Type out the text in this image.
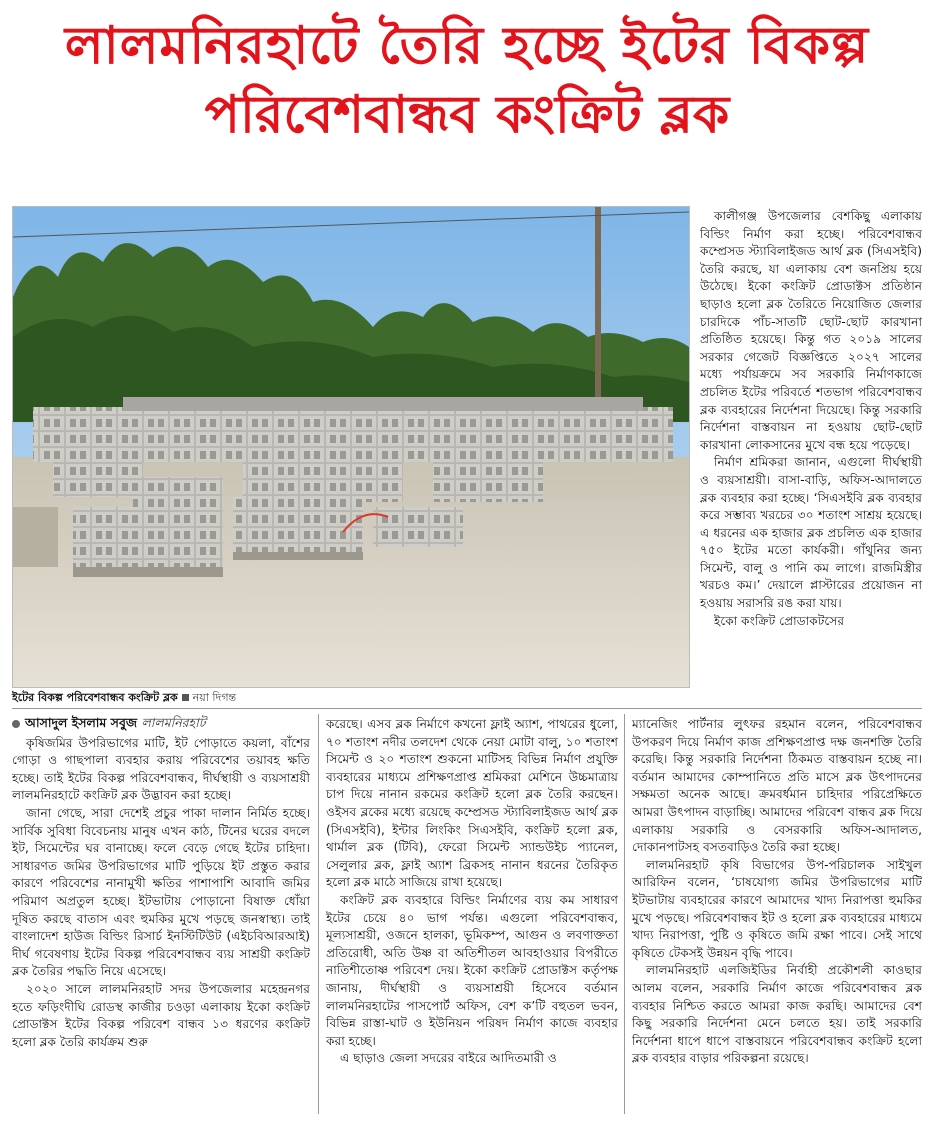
লালমনিরহাটে তৈরি হচ্ছে ইটের বিকল্প
পরিবেশবান্ধব কংক্রিট ব্লক
ইটের বিকল্প পরিবেশবান্ধব কংক্রিট ব্লক নয়া দিগন্ত
আসাদুল ইসলাম সবুজ লালমনিরহাট

কৃষিজমির উপরিভাগের মাটি, ইট পোড়াতে কয়লা, বাঁশের গোড়া ও গাছপালা ব্যবহার করায় পরিবেশের তয়াবহ ক্ষতি হচ্ছে। তাই ইটের বিকল্প পরিবেশবান্ধব, দীর্ঘস্থায়ী ও ব্যয়সাশ্রয়ী লালমনিরহাটে কংক্রিট ব্লক উদ্ভাবন করা হচ্ছে।

জানা গেছে, সারা দেশেই প্রচুর পাকা দালান নির্মিত হচ্ছে। সার্বিক সুবিধা বিবেচনায় মানুষ এখন কাঠ, টিনের ঘরের বদলে ইট, সিমেন্টের ঘর বানাচ্ছে। ফলে বেড়ে গেছে ইটের চাহিদা। সাধারণত জমির উপরিভাগের মাটি পুড়িয়ে ইট প্রস্তুত করার কারণে পরিবেশের নানামুখী ক্ষতির পাশাপাশি আবাদি জমির পরিমাণ অপ্রতুল হচ্ছে। ইটভাটায় পোড়ানো বিষাক্ত ধোঁয়া দূষিত করছে বাতাস এবং হুমকির মুখে পড়ছে জনস্বাস্থ্য। তাই বাংলাদেশ হাউজ বিল্ডিং রিসার্চ ইনস্টিটিউট (এইচবিআরআই) দীর্ঘ গবেষণায় ইটের বিকল্প পরিবেশবান্ধব ব্যয় সাশ্রয়ী কংক্রিট ব্লক তৈরির পদ্ধতি নিয়ে এসেছে।

২০২০ সালে লালমনিরহাট সদর উপজেলার মহেন্দ্রনগর হতে ফড়িংদীঘি রোডস্থ কাজীর চওড়া এলাকায় ইকো কংক্রিট প্রোডাক্টস ইটের বিকল্প পরিবেশ বান্ধব ১৩ ধরণের কংক্রিট হলো ব্লক তৈরি কার্যক্রম শুরু

করেছে। এসব ব্লক নির্মাণে কখনো ফ্লাই অ্যাশ, পাথরের ধুলো, ৭০ শতাংশ নদীর তলদেশ থেকে নেয়া মোটা বালু, ১০ শতাংশ সিমেন্ট ও ২০ শতাংশ শুকনো মাটিসহ বিভিন্ন নির্মাণ প্রযুক্তি ব্যবহারের মাধ্যমে প্রশিক্ষণপ্রাপ্ত শ্রমিকরা মেশিনে উচ্চমাত্রায় চাপ দিয়ে নানান রকমের কংক্রিট হলো ব্লক তৈরি করছেন। ওইসব ব্লকের মধ্যে রয়েছে কম্প্রেসড স্ট্যাবিলাইজড আর্থ ব্লক (সিএসইবি), ইন্টার লিংকিং সিএসইবি, কংক্রিট হলো ব্লক, থার্মাল ব্লক (টিবি), ফেরো সিমেন্ট স্যান্ডউইচ প্যানেল, সেলুলার ব্লক, ফ্লাই অ্যাশ ব্রিকসহ নানান ধরনের তৈরিকৃত হলো ব্লক মাঠে সাজিয়ে রাখা হয়েছে।

কংক্রিট ব্লক ব্যবহারে বিল্ডিং নির্মাণের ব্যয় কম সাধারণ ইটের চেয়ে ৪০ ভাগ পর্যন্ত। এগুলো পরিবেশবান্ধব, মূল্যসাশ্রয়ী, ওজনে হালকা, ভূমিকম্প, আগুন ও লবণাক্ততা প্রতিরোধী, অতি উষ্ণ বা অতিশীতল আবহাওয়ার বিপরীতে নাতিশীতোষ্ণ পরিবেশ দেয়। ইকো কংক্রিট প্রোডাক্টস কর্তৃপক্ষ জানায়, দীর্ঘস্থায়ী ও ব্যয়সাশ্রয়ী হিসেবে বর্তমান লালমনিরহাটের পাসপোর্ট অফিস, বেশ ক’টি বহুতল ভবন, বিভিন্ন রাস্তা-ঘাট ও ইউনিয়ন পরিষদ নির্মাণ কাজে ব্যবহার করা হচ্ছে।

এ ছাড়াও জেলা সদরের বাইরে আদিতমারী ও

কালীগঞ্জ উপজেলার বেশকিছু এলাকায় বিল্ডিং নির্মাণ করা হচ্ছে। পরিবেশবান্ধব কম্প্রেসড স্ট্যাবিলাইজড আর্থ ব্লক (সিএসইবি) তৈরি করছে, যা এলাকায় বেশ জনপ্রিয় হয়ে উঠেছে। ইকো কংক্রিট প্রোডাক্টস প্রতিষ্ঠান ছাড়াও হলো ব্লক তৈরিতে নিয়োজিত জেলার চারদিকে পাঁচ-সাতটি ছোট-ছোট কারখানা প্রতিষ্ঠিত হয়েছে। কিন্তু গত ২০১৯ সালের সরকার গেজেট বিজ্ঞপ্তিতে ২০২৭ সালের মধ্যে পর্যায়ক্রমে সব সরকারি নির্মাণকাজে প্রচলিত ইটের পরিবর্তে শতভাগ পরিবেশবান্ধব ব্লক ব্যবহারের নির্দেশনা দিয়েছে। কিন্তু সরকারি নির্দেশনা বাস্তবায়ন না হওয়ায় ছোট-ছোট কারখানা লোকসানের মুখে বন্ধ হয়ে পড়েছে।

নির্মাণ শ্রমিকরা জানান, এগুলো দীর্ঘস্থায়ী ও ব্যয়সাশ্রয়ী। বাসা-বাড়ি, অফিস-আদালতে ব্লক ব্যবহার করা হচ্ছে। ‘সিএসইবি ব্লক ব্যবহার করে সম্ভাব্য খরচের ৩০ শতাংশ সাশ্রয় হয়েছে। এ ধরনের এক হাজার ব্লক প্রচলিত এক হাজার ৭৫০ ইটের মতো কার্যকরী। গাঁথুনির জন্য সিমেন্ট, বালু ও পানি কম লাগে। রাজমিস্ত্রীর খরচও কম।’ দেয়ালে প্লাস্টারের প্রয়োজন না হওয়ায় সরাসরি রঙ করা যায়।

ইকো কংক্রিট প্রোডাকটসের

ম্যানেজিং পার্টনার লুৎফর রহমান বলেন, পরিবেশবান্ধব উপকরণ দিয়ে নির্মাণ কাজ প্রশিক্ষণপ্রাপ্ত দক্ষ জনশক্তি তৈরি করেছি। কিন্তু সরকারি নির্দেশনা ঠিকমত বাস্তবায়ন হচ্ছে না। বর্তমান আমাদের কোম্পানিতে প্রতি মাসে ব্লক উৎপাদনের সক্ষমতা অনেক আছে। ক্রমবর্ধমান চাহিদার পরিপ্রেক্ষিতে আমরা উৎপাদন বাড়াচ্ছি। আমাদের পরিবেশ বান্ধব ব্লক দিয়ে এলাকায় সরকারি ও বেসরকারি অফিস-আদালত, দোকানপাটসহ বসতবাড়িও তৈরি করা হচ্ছে।

লালমনিরহাট কৃষি বিভাগের উপ-পরিচালক সাইখুল আরিফিন বলেন, ‘চাষযোগ্য জমির উপরিভাগের মাটি ইটভাটায় ব্যবহারের কারণে আমাদের খাদ্য নিরাপত্তা হুমকির মুখে পড়ছে। পরিবেশবান্ধব ইট ও হলো ব্লক ব্যবহারের মাধ্যমে খাদ্য নিরাপত্তা, পুষ্টি ও কৃষিতে জমি রক্ষা পাবে। সেই সাথে কৃষিতে টেকসই উন্নয়ন বৃদ্ধি পাবে।

লালমনিরহাট এলজিইডির নির্বাহী প্রকৌশলী কাওছার আলম বলেন, সরকারি নির্মাণ কাজে পরিবেশবান্ধব ব্লক ব্যবহার নিশ্চিত করতে আমরা কাজ করছি। আমাদের বেশ কিছু সরকারি নির্দেশনা মেনে চলতে হয়। তাই সরকারি নির্দেশনা ধাপে ধাপে বাস্তবায়নে পরিবেশবান্ধব কংক্রিট হলো ব্লক ব্যবহার বাড়ার পরিকল্পনা রয়েছে।
